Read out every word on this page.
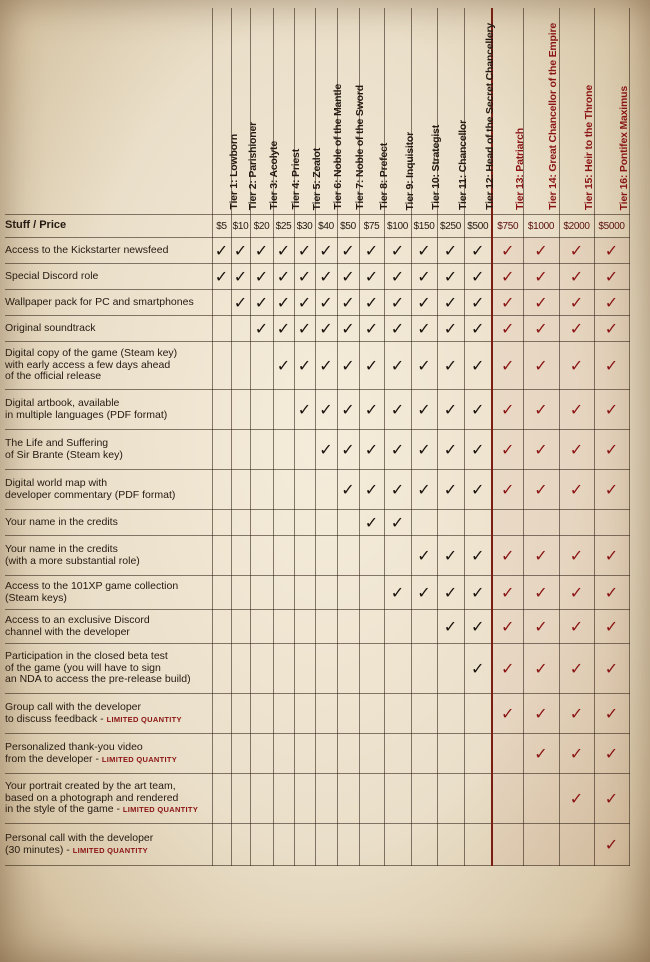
	Tier 1: Lowborn	Tier 2: Parishioner	Tier 3: Acolyte	Tier 4: Priest	Tier 5: Zealot	Tier 6: Noble of the Mantle	Tier 7: Noble of the Sword	Tier 8: Prefect	Tier 9: Inquisitor	Tier 10: Strategist	Tier 11: Chancellor	Tier 12: Head of the Secret Chancellery	Tier 13: Patriarch	Tier 14: Great Chancellor of the Empire	Tier 15: Heir to the Throne	Tier 16: Pontifex Maximus

Stuff / Price	$5	$10	$20	$25	$30	$40	$50	$75	$100	$150	$250	$500	$750	$1000	$2000	$5000
Access to the Kickstarter newsfeed	✓	✓	✓	✓	✓	✓	✓	✓	✓	✓	✓	✓	✓	✓	✓	✓
Special Discord role	✓	✓	✓	✓	✓	✓	✓	✓	✓	✓	✓	✓	✓	✓	✓	✓
Wallpaper pack for PC and smartphones		✓	✓	✓	✓	✓	✓	✓	✓	✓	✓	✓	✓	✓	✓	✓
Original soundtrack			✓	✓	✓	✓	✓	✓	✓	✓	✓	✓	✓	✓	✓	✓
Digital copy of the game (Steam key)
with early access a few days ahead
of the official release				✓	✓	✓	✓	✓	✓	✓	✓	✓	✓	✓	✓	✓
Digital artbook, available
in multiple languages (PDF format)					✓	✓	✓	✓	✓	✓	✓	✓	✓	✓	✓	✓
The Life and Suffering
of Sir Brante (Steam key)						✓	✓	✓	✓	✓	✓	✓	✓	✓	✓	✓
Digital world map with
developer commentary (PDF format)							✓	✓	✓	✓	✓	✓	✓	✓	✓	✓
Your name in the credits								✓	✓							
Your name in the credits
(with a more substantial role)										✓	✓	✓	✓	✓	✓	✓
Access to the 101XP game collection
(Steam keys)									✓	✓	✓	✓	✓	✓	✓	✓
Access to an exclusive Discord
channel with the developer											✓	✓	✓	✓	✓	✓
Participation in the closed beta test
of the game (you will have to sign
an NDA to access the pre-release build)												✓	✓	✓	✓	✓
Group call with the developer
to discuss feedback - LIMITED QUANTITY													✓	✓	✓	✓
Personalized thank-you video
from the developer - LIMITED QUANTITY														✓	✓	✓
Your portrait created by the art team,
based on a photograph and rendered
in the style of the game - LIMITED QUANTITY															✓	✓
Personal call with the developer
(30 minutes) - LIMITED QUANTITY																✓
